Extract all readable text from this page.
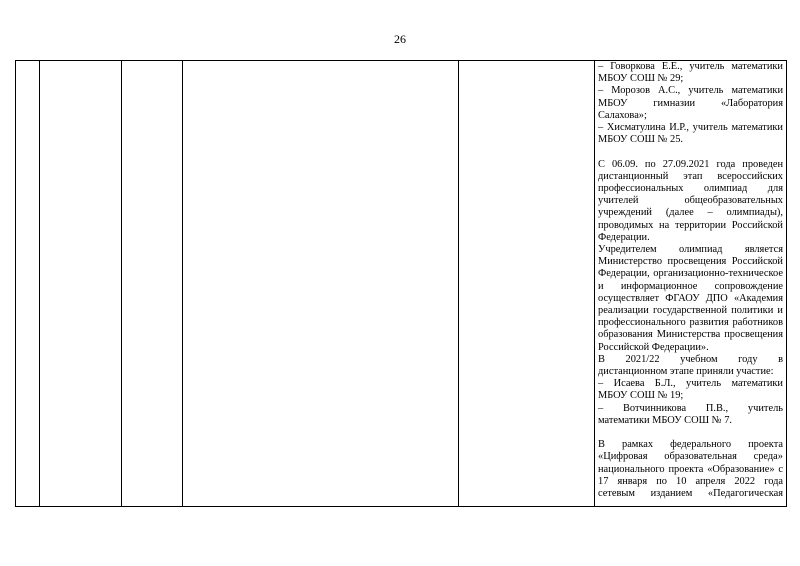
26

– Говоркова Е.Е., учитель математики МБОУ СОШ № 29;

– Морозов А.С., учитель математики МБОУ гимназии «Лаборатория Салахова»;

– Хисматулина И.Р., учитель математики МБОУ СОШ № 25.

С 06.09. по 27.09.2021 года проведен дистанционный этап всероссийских профессиональных олимпиад для учителей общеобразовательных учреждений (далее – олимпиады), проводимых на территории Российской Федерации.

Учредителем олимпиад является Министерство просвещения Российской Федерации, организационно-техническое и информационное сопровождение осуществляет ФГАОУ ДПО «Академия реализации государственной политики и профессионального развития работников образования Министерства просвещения Российской Федерации».

В 2021/22 учебном году в дистанционном этапе приняли участие:

– Исаева Б.Л., учитель математики МБОУ СОШ № 19;

– Вотчинникова П.В., учитель математики МБОУ СОШ № 7.

В рамках федерального проекта «Цифровая образовательная среда» национального проекта «Образование» с 17 января по 10 апреля 2022 года сетевым изданием «Педагогическая
